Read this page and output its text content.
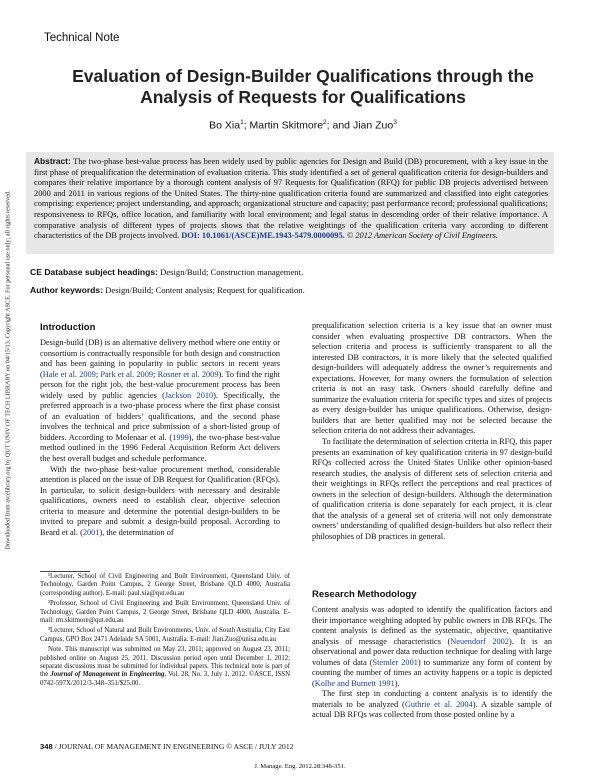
Downloaded from ascelibrary.org by QUT UNIV OF TECH LIBRARY on 04/15/13. Copyright ASCE. For personal use only; all rights reserved.
Technical Note
Evaluation of Design-Builder Qualifications through the Analysis of Requests for Qualifications
Bo Xia$^1$; Martin Skitmore$^2$; and Jian Zuo$^3$

Abstract: The two-phase best-value process has been widely used by public agencies for Design and Build (DB) procurement, with a key issue in the first phase of prequalification the determination of evaluation criteria. This study identified a set of general qualification criteria for design-builders and compares their relative importance by a thorough content analysis of 97 Requests for Qualification (RFQ) for public DB projects advertised between 2000 and 2011 in various regions of the United States. The thirty-nine qualification criteria found are summarized and classified into eight categories comprising: experience; project understanding, and approach; organizational structure and capacity; past performance record; professional qualifications; responsiveness to RFQs, office location, and familiarity with local environment; and legal status in descending order of their relative importance. A comparative analysis of different types of projects shows that the relative weightings of the qualification criteria vary according to different characteristics of the DB projects involved. DOI: 10.1061/(ASCE)ME.1943-5479.0000095. © 2012 American Society of Civil Engineers.

CE Database subject headings: Design/Build; Construction management.
Author keywords: Design/Build; Content analysis; Request for qualification.
Introduction

Design-build (DB) is an alternative delivery method where one entity or consortium is contractually responsible for both design and construction and has been gaining in popularity in public sectors in recent years (Hale et al. 2009; Park et al. 2009; Rosner et al. 2009). To find the right person for the right job, the best-value procurement process has been widely used by public agencies (Jackson 2010). Specifically, the preferred approach is a two-phase process where the first phase consist of an evaluation of bidders’ qualifications, and the second phase involves the technical and price submission of a short-listed group of bidders. According to Molenaar et al. (1999), the two-phase best-value method outlined in the 1996 Federal Acquisition Reform Act delivers the best overall budget and schedule performance.

With the two-phase best-value procurement method, considerable attention is placed on the issue of DB Request for Qualification (RFQs). In particular, to solicit design-builders with necessary and desirable qualifications, owners need to establish clear, objective selection criteria to measure and determine the potential design-builders to be invited to prepare and submit a design-build proposal. According to Beard et al. (2001), the determination of

prequalification selection criteria is a key issue that an owner must consider when evaluating prospective DB contractors. When the selection criteria and process is sufficiently transparent to all the interested DB contractors, it is more likely that the selected qualified design-builders will adequately address the owner’s requirements and expectations. However, for many owners the formulation of selection criteria is not an easy task. Owners should carefully define and summarize the evaluation criteria for specific types and sizes of projects as every design-builder has unique qualifications. Otherwise, design-builders that are better qualified may not be selected because the selection criteria do not address their advantages.

To facilitate the determination of selection criteria in RFQ, this paper presents an examination of key qualification criteria in 97 design-build RFQs collected across the United States Unlike other opinion-based research studies, the analysis of different sets of selection criteria and their weightings in RFQs reflect the perceptions and real practices of owners in the selection of design-builders. Although the determination of qualification criteria is done separately for each project, it is clear that the analysis of a general set of criteria will not only demonstrate owners’ understanding of qualified design-builders but also reflect their philosophies of DB practices in general.

Research Methodology

Content analysis was adopted to identify the qualification factors and their importance weighting adopted by public owners in DB RFQs. The content analysis is defined as the systematic, objective, quantitative analysis of message characteristics (Neuendorf 2002). It is an observational and power data reduction technique for dealing with large volumes of data (Stemler 2001) to summarize any form of content by counting the number of times an activity happens or a topic is depicted (Kolbe and Burnett 1991).

The first step in conducting a content analysis is to identify the materials to be analyzed (Guthrie et al. 2004). A sizable sample of actual DB RFQs was collected from those posted online by a

¹Lecturer, School of Civil Engineering and Built Environment, Queensland Univ. of Technology, Garden Point Campus, 2 George Street, Brisbane QLD 4000, Australia (corresponding author). E-mail: paul.xia@qut.edu.au

²Professor, School of Civil Engineering and Built Environment, Queensland Univ. of Technology, Garden Point Campus, 2 George Street, Brisbane QLD 4000, Australia. E-mail: rm.skitmore@qut.edu.au

³Lecturer, School of Natural and Built Environments, Univ. of South Australia, City East Campus, GPO Box 2471 Adelaide SA 5001, Australia. E-mail: Jian.Zuo@unisa.edu.au

Note. This manuscript was submitted on May 23, 2011; approved on August 23, 2011; published online on August 25, 2011. Discussion period open until December 1, 2012; separate discussions must be submitted for individual papers. This technical note is part of the Journal of Management in Engineering, Vol. 28, No. 3, July 1, 2012. ©ASCE, ISSN 0742-597X/2012/3-348–351/$25.00.

348 / JOURNAL OF MANAGEMENT IN ENGINEERING © ASCE / JULY 2012
J. Manage. Eng. 2012.28:348-351.
